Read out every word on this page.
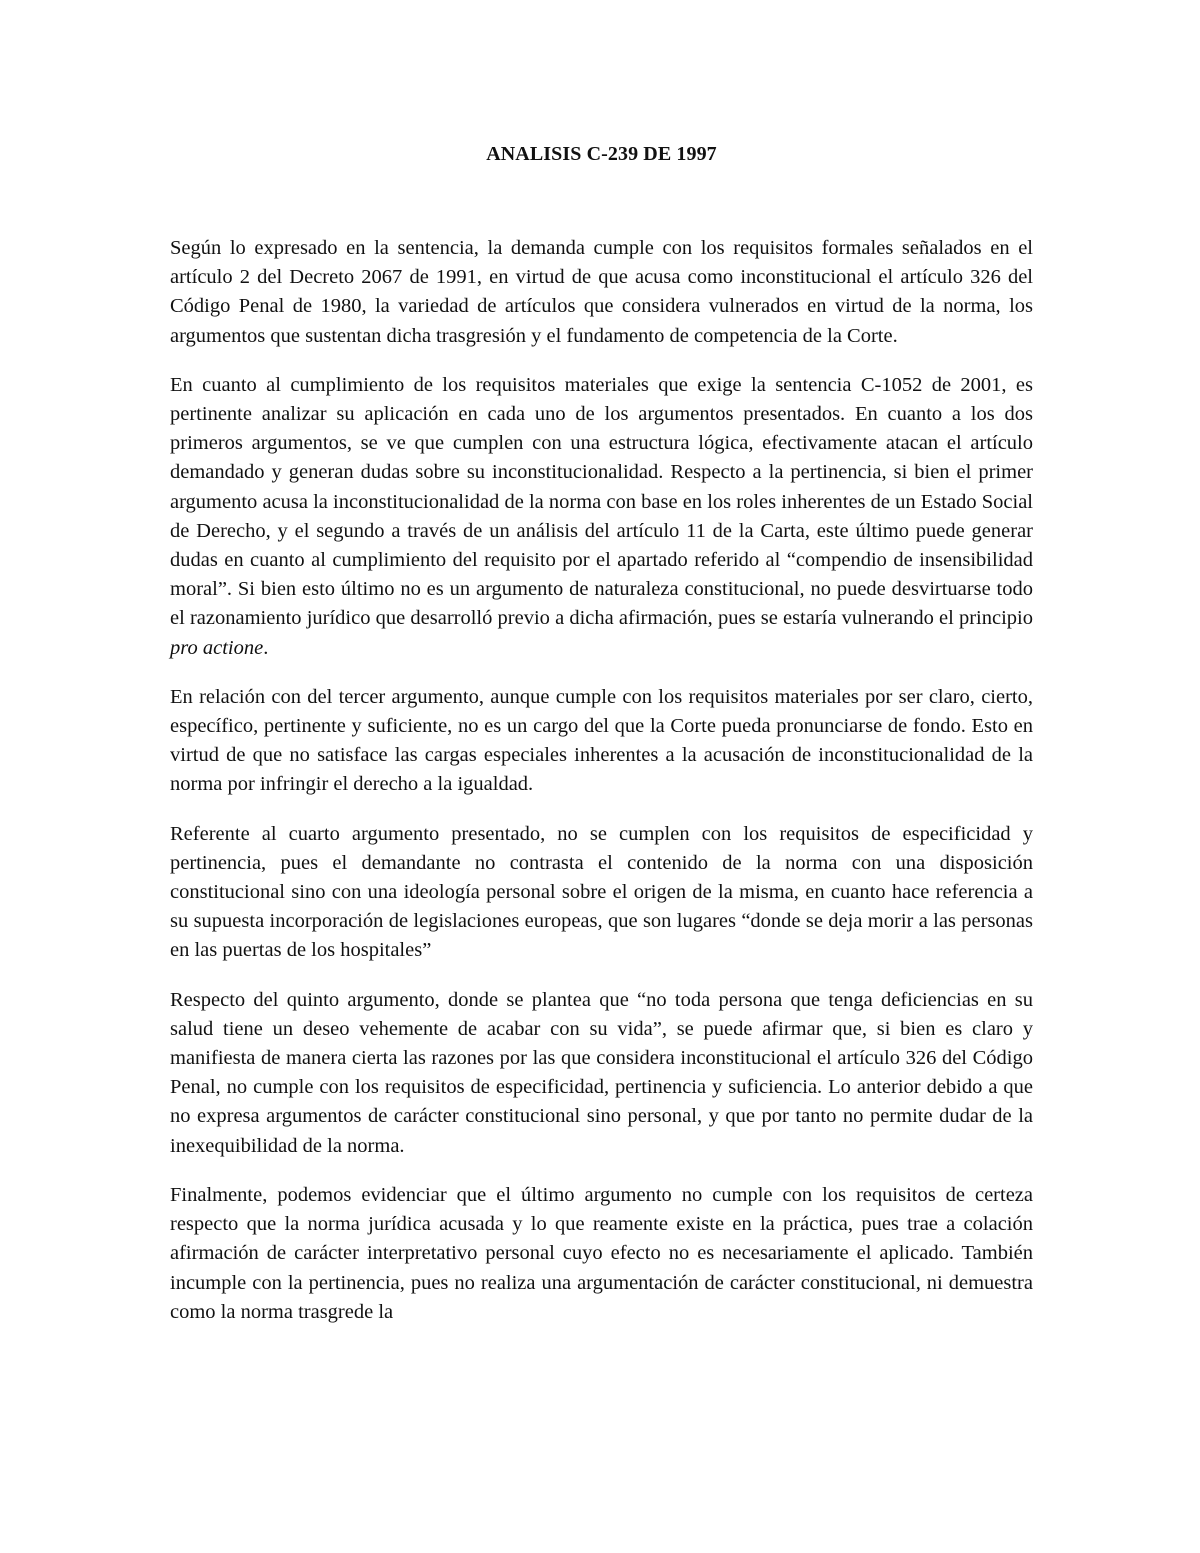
ANALISIS C-239 DE 1997

Según lo expresado en la sentencia, la demanda cumple con los requisitos formales señalados en el artículo 2 del Decreto 2067 de 1991, en virtud de que acusa como inconstitucional el artículo 326 del Código Penal de 1980, la variedad de artículos que considera vulnerados en virtud de la norma, los argumentos que sustentan dicha trasgresión y el fundamento de competencia de la Corte.

En cuanto al cumplimiento de los requisitos materiales que exige la sentencia C-1052 de 2001, es pertinente analizar su aplicación en cada uno de los argumentos presentados. En cuanto a los dos primeros argumentos, se ve que cumplen con una estructura lógica, efectivamente atacan el artículo demandado y generan dudas sobre su inconstitucionalidad. Respecto a la pertinencia, si bien el primer argumento acusa la inconstitucionalidad de la norma con base en los roles inherentes de un Estado Social de Derecho, y el segundo a través de un análisis del artículo 11 de la Carta, este último puede generar dudas en cuanto al cumplimiento del requisito por el apartado referido al “compendio de insensibilidad moral”. Si bien esto último no es un argumento de naturaleza constitucional, no puede desvirtuarse todo el razonamiento jurídico que desarrolló previo a dicha afirmación, pues se estaría vulnerando el principio pro actione.

En relación con del tercer argumento, aunque cumple con los requisitos materiales por ser claro, cierto, específico, pertinente y suficiente, no es un cargo del que la Corte pueda pronunciarse de fondo. Esto en virtud de que no satisface las cargas especiales inherentes a la acusación de inconstitucionalidad de la norma por infringir el derecho a la igualdad.

Referente al cuarto argumento presentado, no se cumplen con los requisitos de especificidad y pertinencia, pues el demandante no contrasta el contenido de la norma con una disposición constitucional sino con una ideología personal sobre el origen de la misma, en cuanto hace referencia a su supuesta incorporación de legislaciones europeas, que son lugares “donde se deja morir a las personas en las puertas de los hospitales”

Respecto del quinto argumento, donde se plantea que “no toda persona que tenga deficiencias en su salud tiene un deseo vehemente de acabar con su vida”, se puede afirmar que, si bien es claro y manifiesta de manera cierta las razones por las que considera inconstitucional el artículo 326 del Código Penal, no cumple con los requisitos de especificidad, pertinencia y suficiencia. Lo anterior debido a que no expresa argumentos de carácter constitucional sino personal, y que por tanto no permite dudar de la inexequibilidad de la norma.

Finalmente, podemos evidenciar que el último argumento no cumple con los requisitos de certeza respecto que la norma jurídica acusada y lo que reamente existe en la práctica, pues trae a colación afirmación de carácter interpretativo personal cuyo efecto no es necesariamente el aplicado. También incumple con la pertinencia, pues no realiza una argumentación de carácter constitucional, ni demuestra como la norma trasgrede la
